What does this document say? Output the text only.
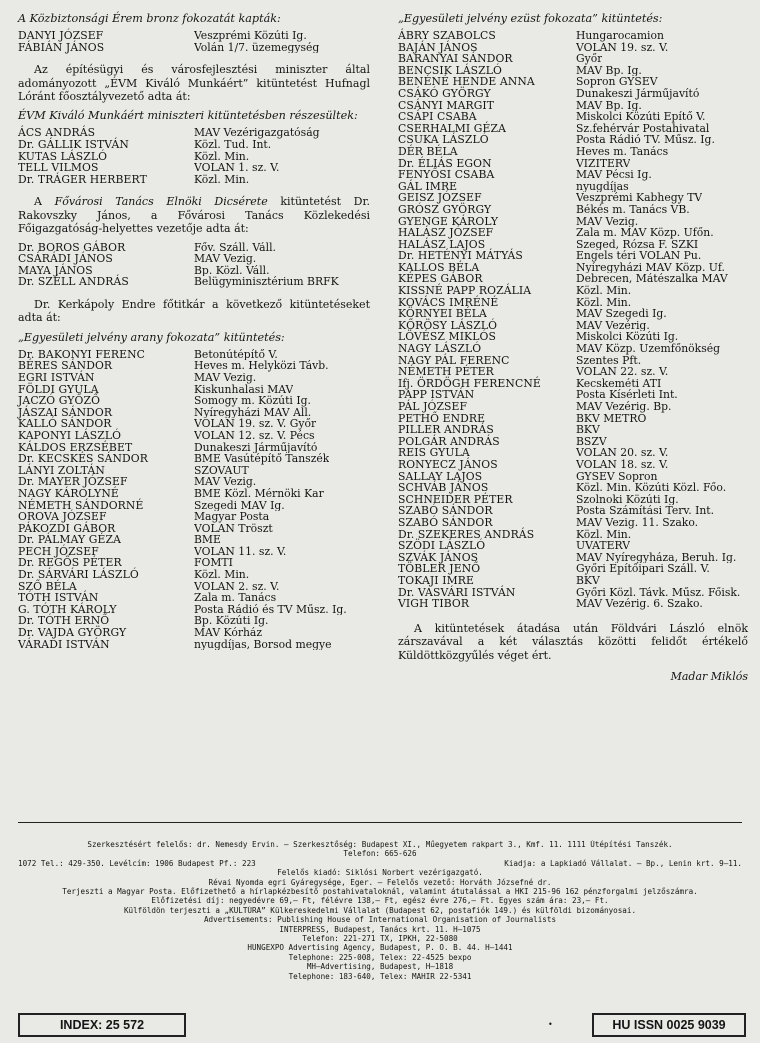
A Közbiztonsági Érem bronz fokozatát kapták:
DANYI JÓZSEF	Veszprémi Közúti Ig.
FÁBIÁN JÁNOS	Volán 1/7. üzemegység
Az építésügyi és városfejlesztési miniszter által adományozott „ÉVM Kiváló Munkáért” kitüntetést Hufnagl Lóránt főosztályvezető adta át:
ÉVM Kiváló Munkáért miniszteri kitüntetésben részesültek:
ÁCS ANDRÁS	MÁV Vezérigazgatóság
Dr. GÁLLIK ISTVÁN	Közl. Tud. Int.
KUTAS LÁSZLÓ	Közl. Min.
TELL VILMOS	VOLÁN 1. sz. V.
Dr. TRÁGER HERBERT	Közl. Min.
A Fővárosi Tanács Elnöki Dicsérete kitüntetést Dr. Rakovszky János, a Fővárosi Tanács Közlekedési Főigazgatóság-helyettes vezetője adta át:
Dr. BOROS GÁBOR	Főv. Száll. Váll.
CSÁRÁDI JÁNOS	MÁV Vezig.
MAYA JÁNOS	Bp. Közl. Váll.
Dr. SZÉLL ANDRÁS	Belügyminisztérium BRFK
Dr. Kerkápoly Endre főtitkár a következő kitüntetéseket adta át:
„Egyesületi jelvény arany fokozata” kitüntetés:
Dr. BAKONYI FERENC	Betonútépítő V.
BÉRES SÁNDOR	Heves m. Helyközi Távb.
EGRI ISTVÁN	MÁV Vezig.
FÖLDI GYULA	Kiskunhalasi MÁV
JACZÓ GYŐZŐ	Somogy m. Közúti Ig.
JÁSZAI SÁNDOR	Nyíregyházi MÁV Áll.
KALLÓ SÁNDOR	VOLÁN 19. sz. V. Győr
KAPONYI LÁSZLÓ	VOLÁN 12. sz. V. Pécs
KÁLDOS ERZSÉBET	Dunakeszi Járműjavító
Dr. KECSKÉS SÁNDOR	BME Vasútépítő Tanszék
LÁNYI ZOLTÁN	SZÖVAUT
Dr. MAYER JÓZSEF	MÁV Vezig.
NAGY KÁROLYNÉ	BME Közl. Mérnöki Kar
NÉMETH SÁNDORNÉ	Szegedi MÁV Ig.
OROVA JÓZSEF	Magyar Posta
PÁKOZDI GÁBOR	VOLÁN Tröszt
Dr. PÁLMAY GÉZA	BME
PECH JÓZSEF	VOLÁN 11. sz. V.
Dr. REGŐS PÉTER	FŐMTI
Dr. SÁRVÁRI LÁSZLÓ	Közl. Min.
SZŐ BÉLA	VOLÁN 2. sz. V.
TÓTH ISTVÁN	Zala m. Tanács
G. TÓTH KÁROLY	Posta Rádió és TV Műsz. Ig.
Dr. TÓTH ERNŐ	Bp. Közúti Ig.
Dr. VAJDA GYÖRGY	MÁV Kórház
VÁRADI ISTVÁN	nyugdíjas, Borsod megye
„Egyesületi jelvény ezüst fokozata” kitüntetés:
ÁBRY SZABOLCS	Hungarocamion
BAJÁN JÁNOS	VOLÁN 19. sz. V.
BARANYAI SÁNDOR	Győr
BENCSIK LÁSZLÓ	MÁV Bp. Ig.
BENÉNÉ HENDE ANNA	Sopron GYSEV
CSÁKÓ GYÖRGY	Dunakeszi Járműjavító
CSÁNYI MARGIT	MÁV Bp. Ig.
CSÁPI CSABA	Miskolci Közúti Építő V.
CSERHALMI GÉZA	Sz.fehérvár Postahivatal
CSUKA LÁSZLÓ	Posta Rádió TV. Műsz. Ig.
DÉR BÉLA	Heves m. Tanács
Dr. ÉLIÁS EGON	VIZITERV
FENYŐSI CSABA	MÁV Pécsi Ig.
GÁL IMRE	nyugdíjas
GEISZ JÓZSEF	Veszprémi Kabhegy TV
GRÓSZ GYÖRGY	Békés m. Tanács VB.
GYENGE KÁROLY	MÁV Vezig.
HALÁSZ JÓZSEF	Zala m. MÁV Közp. Üfőn.
HALÁSZ LAJOS	Szeged, Rózsa F. SZKI
Dr. HETÉNYI MÁTYÁS	Engels téri VOLÁN Pu.
KALLOS BÉLA	Nyíregyházi MÁV Közp. Üf.
KÉPES GÁBOR	Debrecen, Mátészalka MÁV
KISSNÉ PAPP ROZÁLIA	Közl. Min.
KOVÁCS IMRÉNÉ	Közl. Min.
KÖRNYEI BÉLA	MÁV Szegedi Ig.
KŐRÖSY LÁSZLÓ	MÁV Vezérig.
LÖVÉSZ MIKLÓS	Miskolci Közúti Ig.
NAGY LÁSZLÓ	MÁV Közp. Üzemfőnökség
NAGY PÁL FERENC	Szentes Pft.
NÉMETH PÉTER	VOLÁN 22. sz. V.
Ifj. ÖRDÖGH FERENCNÉ	Kecskeméti ÁTI
PAPP ISTVÁN	Posta Kísérleti Int.
PÁL JÓZSEF	MÁV Vezérig. Bp.
PETHŐ ENDRE	BKV METRÓ
PILLER ANDRÁS	BKV
POLGÁR ANDRÁS	BSZV
REIS GYULA	VOLÁN 20. sz. V.
RONYECZ JÁNOS	VOLÁN 18. sz. V.
SALLAY LAJOS	GYSEV Sopron
SCHVÁB JÁNOS	Közl. Min. Közúti Közl. Főo.
SCHNEIDER PÉTER	Szolnoki Közúti Ig.
SZABÓ SÁNDOR	Posta Számítási Terv. Int.
SZABÓ SÁNDOR	MÁV Vezig. 11. Szako.
Dr. SZEKERES ANDRÁS	Közl. Min.
SZÖDI LÁSZLÓ	ÜVATERV
SZVÁK JÁNOS	MÁV Nyíregyháza, Beruh. Ig.
TÖBLER JENŐ	Győri Építőipari Száll. V.
TOKAJI IMRE	BKV
Dr. VASVÁRI ISTVÁN	Győri Közl. Távk. Műsz. Főisk.
VIGH TIBOR	MÁV Vezérig. 6. Szako.
A kitüntetések átadása után Földvári László elnök zárszavával a két választás közötti felidőt értékelő Küldöttközgyűlés véget ért.
Madar Miklós
Szerkesztésért felelős: dr. Nemesdy Ervin. — Szerkesztőség: Budapest XI., Műegyetem rakpart 3., Kmf. 11. 1111 Útépítési Tanszék.
Telefon: 665-626
1072 Tel.: 429-350. Levélcím: 1906 Budapest Pf.: 223	Kiadja: a Lapkiadó Vállalat. — Bp., Lenin krt. 9—11.
Felelős kiadó: Siklósi Norbert vezérigazgató.
Révai Nyomda egri Gyáregysége, Eger. — Felelős vezető: Horváth Józsefné dr.
Terjeszti a Magyar Posta. Előfizethető a hírlapkézbesítő postahivataloknál, valamint átutalással a HKI 215-96 162 pénzforgalmi jelzőszámra.
Előfizetési díj: negyedévre 69,— Ft, félévre 138,— Ft, egész évre 276,— Ft. Egyes szám ára: 23,— Ft.
Külföldön terjeszti a „KULTÚRA” Külkereskedelmi Vállalat (Budapest 62, postafiók 149.) és külföldi bizományosai.
Advertisements: Publishing House of International Organisation of Journalists
INTERPRESS, Budapest, Tanács krt. 11. H—1075
Telefon: 221-271 TX, IPKH, 22-5080
HUNGEXPO Advertising Agency, Budapest, P. O. B. 44. H—1441
Telephone: 225-008, Telex: 22-4525 bexpo
MH—Advertising, Budapest, H—1818
Telephone: 183-640, Telex: MAHIR 22-5341
INDEX: 25 572	•	HU ISSN 0025 9039
